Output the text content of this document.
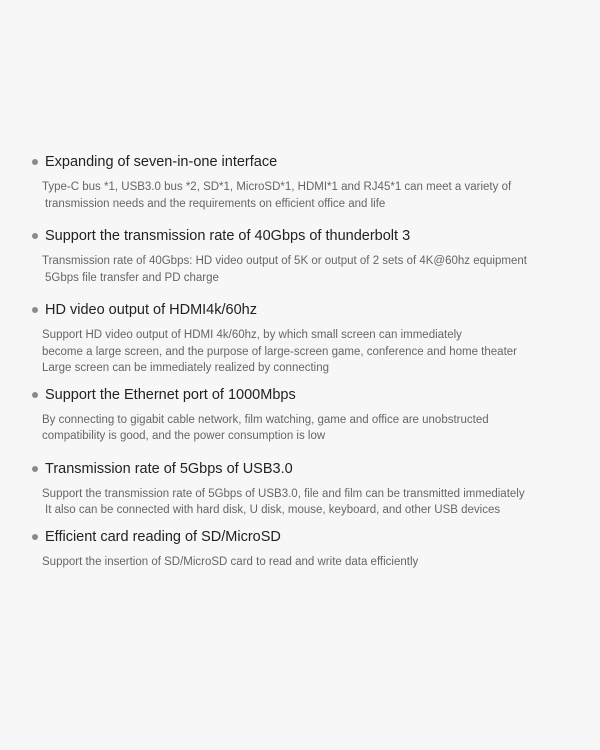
Expanding of seven-in-one interface
Type-C bus *1, USB3.0 bus *2, SD*1, MicroSD*1, HDMI*1 and RJ45*1 can meet a variety of
transmission needs and the requirements on efficient office and life
Support the transmission rate of 40Gbps of thunderbolt 3
Transmission rate of 40Gbps: HD video output of 5K or output of 2 sets of 4K@60hz equipment
5Gbps file transfer and PD charge
HD video output of HDMI4k/60hz
Support HD video output of HDMI 4k/60hz, by which small screen can immediately
become a large screen, and the purpose of large-screen game, conference and home theater
Large screen can be immediately realized by connecting
Support the Ethernet port of 1000Mbps
By connecting to gigabit cable network, film watching, game and office are unobstructed
compatibility is good, and the power consumption is low
Transmission rate of 5Gbps of USB3.0
Support the transmission rate of 5Gbps of USB3.0, file and film can be transmitted immediately
It also can be connected with hard disk, U disk, mouse, keyboard, and other USB devices
Efficient card reading of SD/MicroSD
Support the insertion of SD/MicroSD card to read and write data efficiently
